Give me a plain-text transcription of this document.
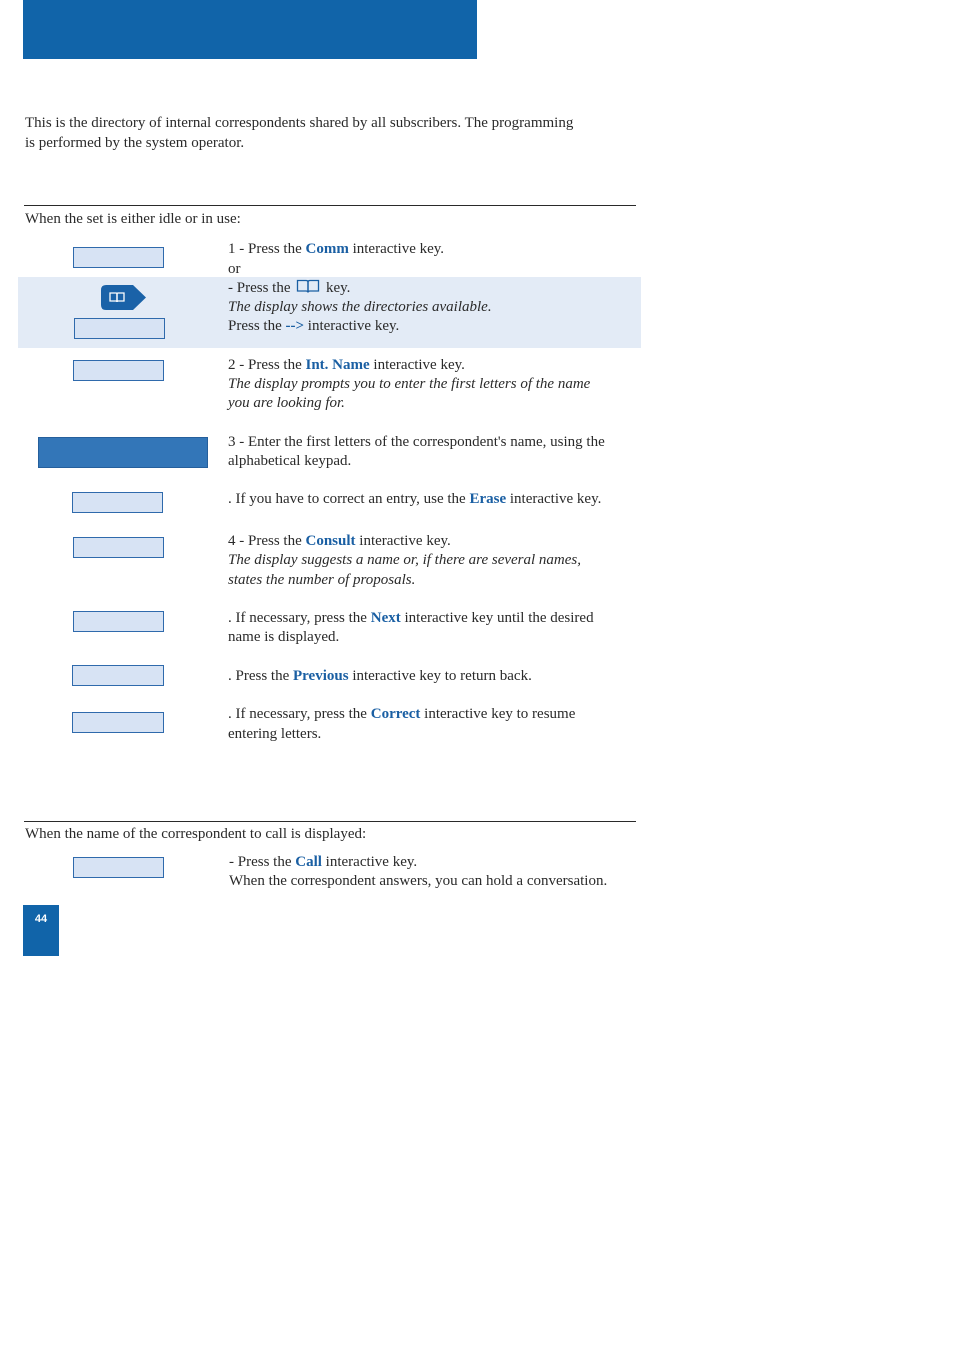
This is the directory of internal correspondents shared by all subscribers. The programming
is performed by the system operator.
When the set is either idle or in use:
1 - Press the Comm interactive key.
or
- Press the  key.
The display shows the directories available.
Press the --> interactive key.
2 - Press the Int. Name interactive key.
The display prompts you to enter the first letters of the name
you are looking for.
3 - Enter the first letters of the correspondent's name, using the
alphabetical keypad.
. If you have to correct an entry, use the Erase interactive key.
4 - Press the Consult interactive key.
The display suggests a name or, if there are several names,
states the number of proposals.
. If necessary, press the Next interactive key until the desired
name is displayed.
. Press the Previous interactive key to return back.
. If necessary, press the Correct interactive key to resume
entering letters.
When the name of the correspondent to call is displayed:
- Press the Call interactive key.
When the correspondent answers, you can hold a conversation.
44
